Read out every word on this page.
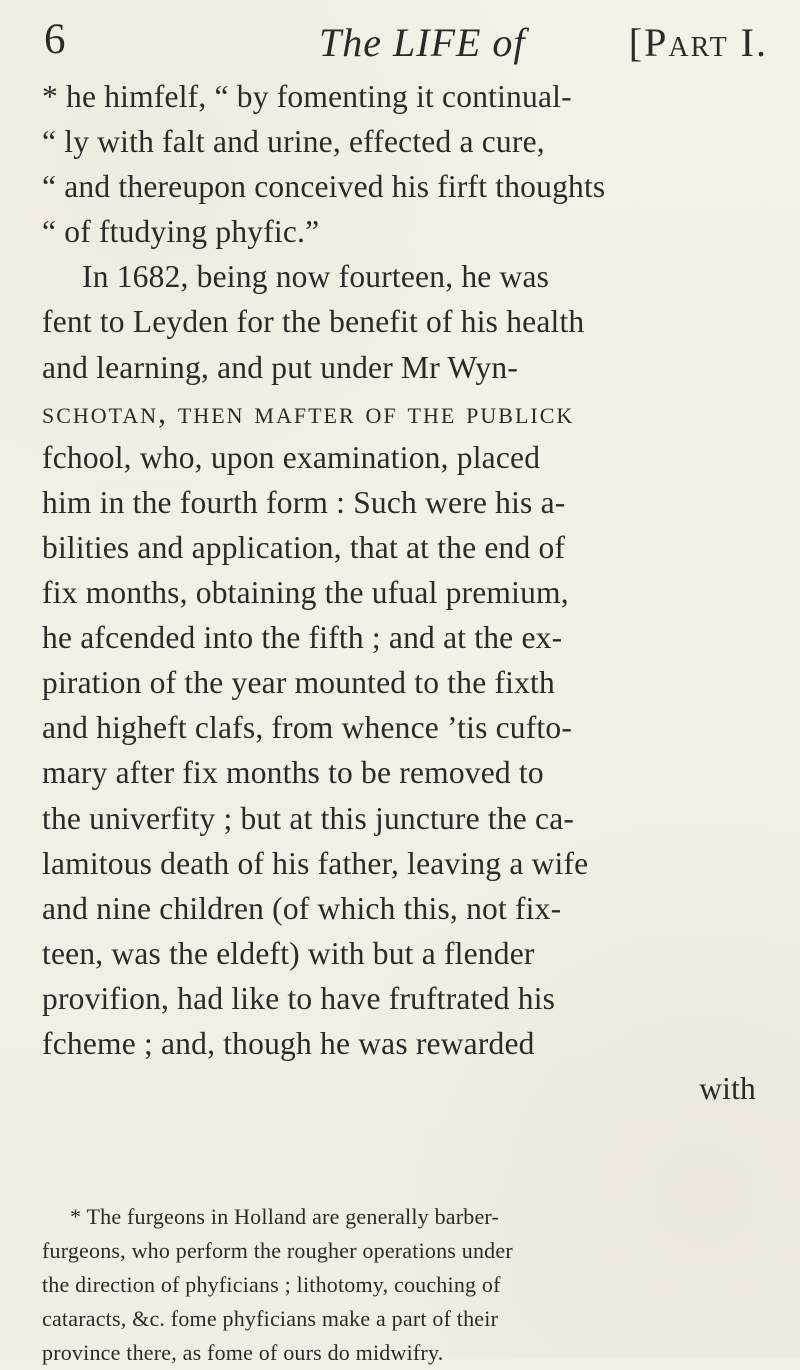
6	The LIFE of	[Part I.
* he himfelf, “ by fomenting it continual-
“ ly with falt and urine, effected a cure,
“ and thereupon conceived his firft thoughts
“ of ftudying phyfic.”
In 1682, being now fourteen, he was
fent to Leyden for the benefit of his health
and learning, and put under Mr Wyn-
schotan, then mafter of the publick
fchool, who, upon examination, placed
him in the fourth form : Such were his a-
bilities and application, that at the end of
fix months, obtaining the ufual premium,
he afcended into the fifth ; and at the ex-
piration of the year mounted to the fixth
and higheft clafs, from whence ’tis cufto-
mary after fix months to be removed to
the univerfity ; but at this juncture the ca-
lamitous death of his father, leaving a wife
and nine children (of which this, not fix-
teen, was the eldeft) with but a flender
provifion, had like to have fruftrated his
fcheme ; and, though he was rewarded
with
* The furgeons in Holland are generally barber-
furgeons, who perform the rougher operations under
the direction of phyficians ; lithotomy, couching of
cataracts, &c. fome phyficians make a part of their
province there, as fome of ours do midwifry.
